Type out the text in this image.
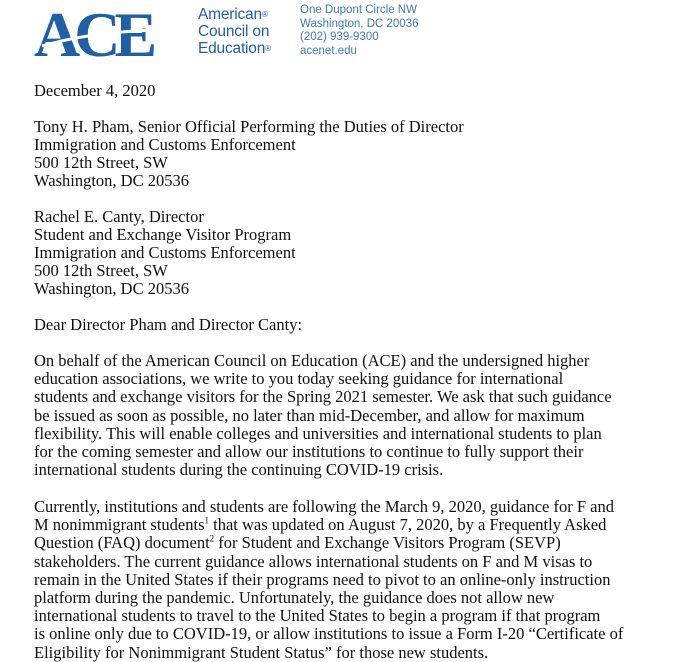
ACE	American®
Council on
Education®
One Dupont Circle NW
Washington, DC 20036
(202) 939-9300
acenet.edu
December 4, 2020
Tony H. Pham, Senior Official Performing the Duties of Director
Immigration and Customs Enforcement
500 12th Street, SW
Washington, DC 20536
Rachel E. Canty, Director
Student and Exchange Visitor Program
Immigration and Customs Enforcement
500 12th Street, SW
Washington, DC 20536
Dear Director Pham and Director Canty:
On behalf of the American Council on Education (ACE) and the undersigned higher
education associations, we write to you today seeking guidance for international
students and exchange visitors for the Spring 2021 semester. We ask that such guidance
be issued as soon as possible, no later than mid-December, and allow for maximum
flexibility. This will enable colleges and universities and international students to plan
for the coming semester and allow our institutions to continue to fully support their
international students during the continuing COVID-19 crisis.
Currently, institutions and students are following the March 9, 2020, guidance for F and
M nonimmigrant students$^1$ that was updated on August 7, 2020, by a Frequently Asked
Question (FAQ) document$^2$ for Student and Exchange Visitors Program (SEVP)
stakeholders. The current guidance allows international students on F and M visas to
remain in the United States if their programs need to pivot to an online-only instruction
platform during the pandemic. Unfortunately, the guidance does not allow new
international students to travel to the United States to begin a program if that program
is online only due to COVID-19, or allow institutions to issue a Form I-20 “Certificate of
Eligibility for Nonimmigrant Student Status” for those new students.
